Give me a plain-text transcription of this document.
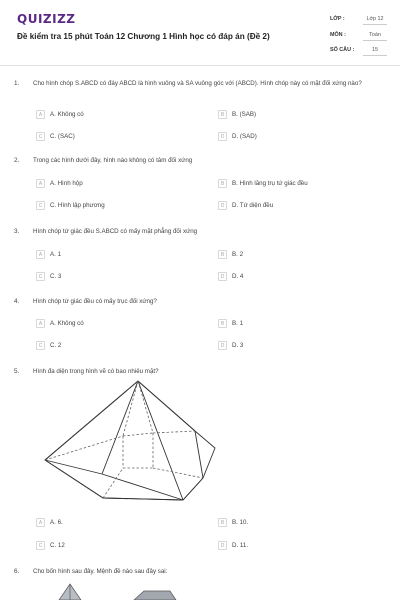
QUIZIZZ
Đề kiểm tra 15 phút Toán 12 Chương 1 Hình học có đáp án (Đề 2)
LỚP :	Lớp 12
MÔN :	Toán
SỐ CÂU :	15
1. Cho hình chóp S.ABCD có đáy ABCD là hình vuông và SA vuông góc với (ABCD). Hình chóp này có mặt đối xứng nào?
A	A. Không có	B	B. (SAB)
C	C. (SAC)	D	D. (SAD)
2. Trong các hình dưới đây, hình nào không có tâm đối xứng
A	A. Hình hộp	B	B. Hình lăng trụ tứ giác đều
C	C. Hình lập phương	D	D. Tứ diện đều
3. Hình chóp tứ giác đều S.ABCD có mấy mặt phẳng đối xứng
A	A. 1	B	B. 2
C	C. 3	D	D. 4
4. Hình chóp tứ giác đều có mấy trục đối xứng?
A	A. Không có	B	B. 1
C	C. 2	D	D. 3
5. Hình đa diện trong hình vẽ có bao nhiêu mặt?
A	A. 6.	B	B. 10.
C	C. 12	D	D. 11.
6. Cho bốn hình sau đây. Mệnh đề nào sau đây sai:
